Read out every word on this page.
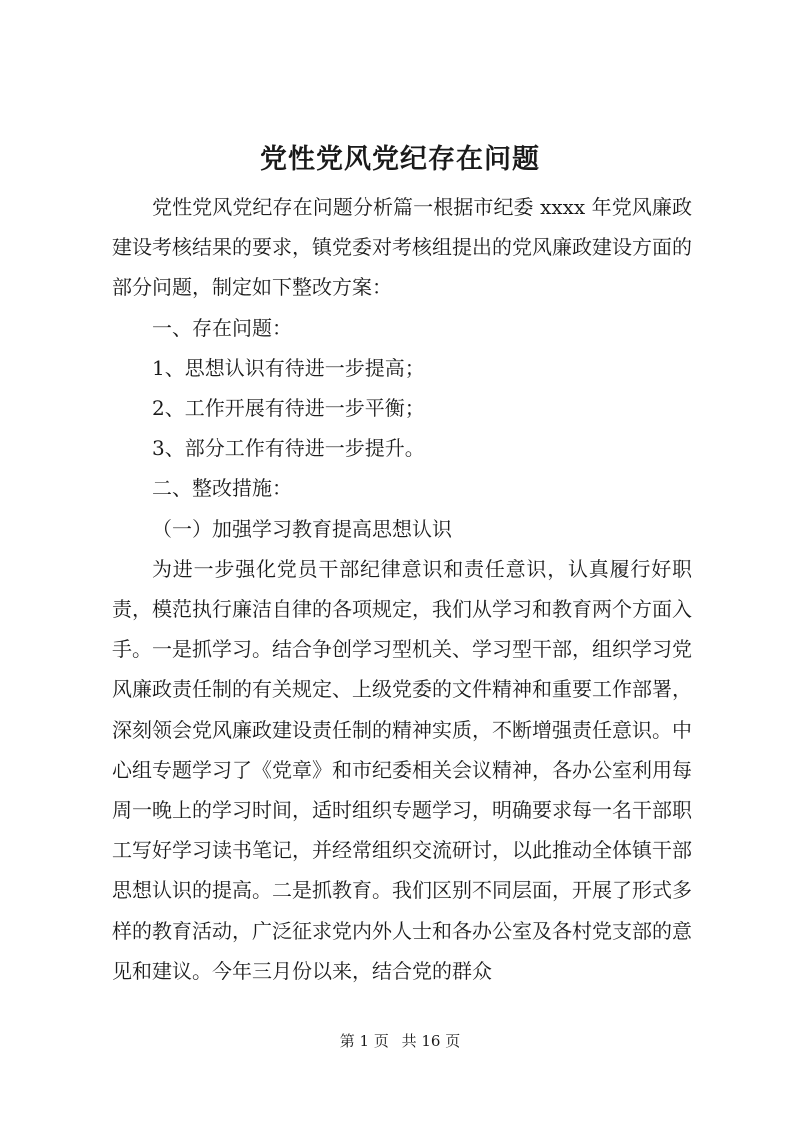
党性党风党纪存在问题

党性党风党纪存在问题分析篇一根据市纪委 xxxx 年党风廉政建设考核结果的要求，镇党委对考核组提出的党风廉政建设方面的部分问题，制定如下整改方案：

一、存在问题：

1、思想认识有待进一步提高；

2、工作开展有待进一步平衡；

3、部分工作有待进一步提升。

二、整改措施：

（一）加强学习教育提高思想认识

为进一步强化党员干部纪律意识和责任意识，认真履行好职责，模范执行廉洁自律的各项规定，我们从学习和教育两个方面入手。一是抓学习。结合争创学习型机关、学习型干部，组织学习党风廉政责任制的有关规定、上级党委的文件精神和重要工作部署，深刻领会党风廉政建设责任制的精神实质，不断增强责任意识。中心组专题学习了《党章》和市纪委相关会议精神，各办公室利用每周一晚上的学习时间，适时组织专题学习，明确要求每一名干部职工写好学习读书笔记，并经常组织交流研讨，以此推动全体镇干部思想认识的提高。二是抓教育。我们区别不同层面，开展了形式多样的教育活动，广泛征求党内外人士和各办公室及各村党支部的意见和建议。今年三月份以来，结合党的群众

第 1 页 共 16 页
